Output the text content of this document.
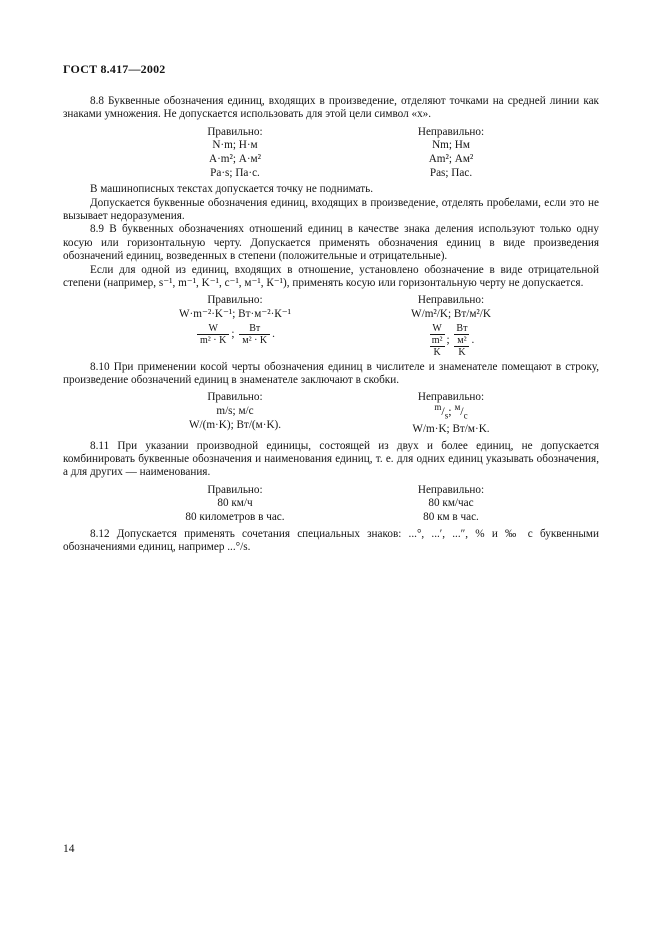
ГОСТ 8.417—2002

8.8 Буквенные обозначения единиц, входящих в произведение, отделяют точками на средней линии как знаками умножения. Не допускается использовать для этой цели символ «х».

Правильно:
N·m; Н·м
А·m²; А·м²
Ра·s; Па·с.
Неправильно:
Nm; Нм
Am²; Ам²
Pas; Пас.

В машинописных текстах допускается точку не поднимать.

Допускается буквенные обозначения единиц, входящих в произведение, отделять пробелами, если это не вызывает недоразумения.

8.9 В буквенных обозначениях отношений единиц в качестве знака деления используют только одну косую или горизонтальную черту. Допускается применять обозначения единиц в виде произведения обозначений единиц, возведенных в степени (положительные и отрицательные).

Если для одной из единиц, входящих в отношение, установлено обозначение в виде отрицательной степени (например, s⁻¹, m⁻¹, K⁻¹, с⁻¹, м⁻¹, К⁻¹), применять косую или горизонтальную черту не допускается.

Правильно:
W·m⁻²·K⁻¹; Вт·м⁻²·К⁻¹
$\frac{W}{\text{m² · K}}$ ; $\frac{Вт}{\text{м² · K}}$ .
Неправильно:
W/m²/K; Вт/м²/K
W
m²
K
;
Вт
м²
K
.

8.10 При применении косой черты обозначения единиц в числителе и знаменателе помещают в строку, произведение обозначений единиц в знаменателе заключают в скобки.

Правильно:
m/s; м/с
W/(m·K); Вт/(м·K).
Неправильно:
$^m/_s$; $^м/_с$
W/m·K; Вт/м·K.

8.11 При указании производной единицы, состоящей из двух и более единиц, не допускается комбинировать буквенные обозначения и наименования единиц, т. е. для одних единиц указывать обозначения, а для других — наименования.

Правильно:
80 км/ч
80 километров в час.
Неправильно:
80 км/час
80 км в час.

8.12 Допускается применять сочетания специальных знаков: ...°, ...′, ...″, % и ‰ с буквенными обозначениями единиц, например ...°/s.

14
